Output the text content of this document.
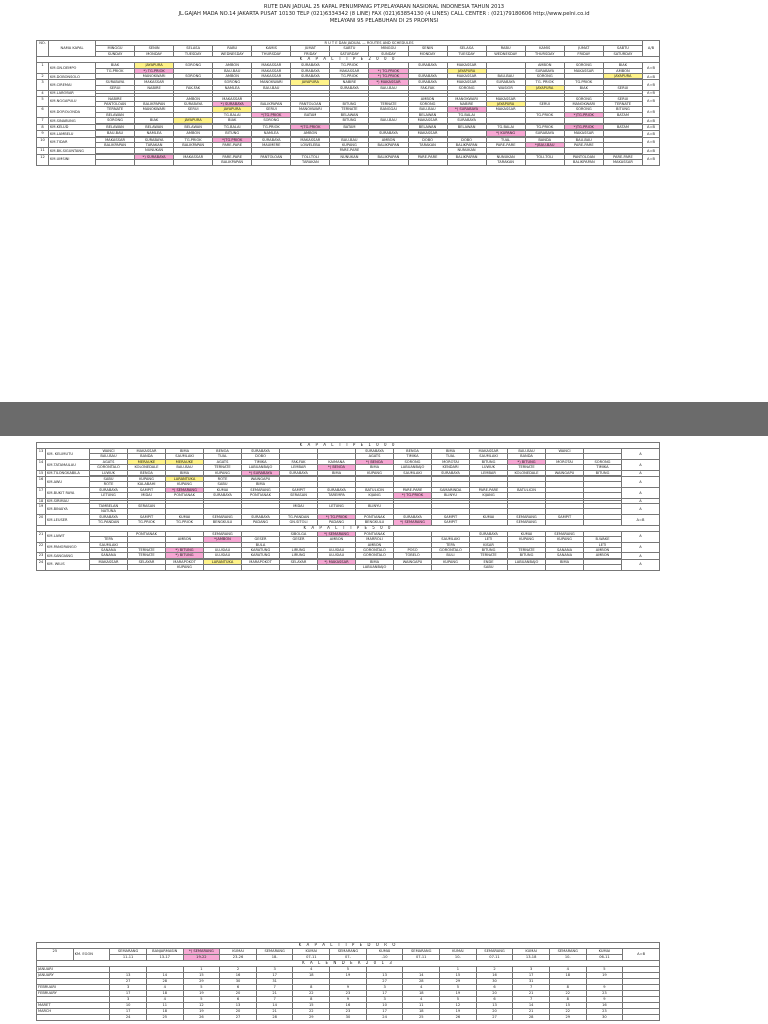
RUTE DAN JADUAL 25 KAPAL PENUMPANG PT.PELAYARAN NASIONAL INDONESIA TAHUN 2013
JL.GAJAH MADA NO.14 JAKARTA PUSAT 10130 TELP (021)6334342 (8 LINE) FAX (021)63854130 (4 LINES) CALL CENTER : (021)79180606 http://www.pelni.co.id
MELAYANI 95 PELABUHAN DI 25 PROPINSI
NO.	NAMA KAPAL	R U T E DAN JADUAL — ROUTES AND SCHEDULES														A/B
		MINGGU	SENIN	SELASA	RABU	KAMIS	JUMAT	SABTU	MINGGU	SENIN	SELASA	RABU	KAMIS	JUMAT	SABTU	
		SUNDAY	MONDAY	TUESDAY	WEDNESDAY	THURSDAY	FRIDAY	SATURDAY	SUNDAY	MONDAY	TUESDAY	WEDNESDAY	THURSDAY	FRIDAY	SATURDAY	
K A P A L T I P E 2 0 0 0																
1	KM.GN.DEMPO	BIAK	JAYAPURA	SORONG	AMBON	MAKASSAR	SURABAYA	TG.PRIOK		SURABAYA	MAKASSAR		AMBON	SORONG	BIAK	A=B
		TG.PRIOK	*) TG.PRIOK		BAU-BAU	MAKASSAR	SURABAYA	MAKASSAR	*) TG.PRIOK		JAYAPURA		SURABAYA	MAKASSAR	AMBON	
2	KM.DOBONSOLO		MANOKWARI	SORONG	AMBON	MAKASSAR	SURABAYA	TG.PRIOK	*) TG.PRIOK	SURABAYA	MAKASSAR	BAU-BAU	SORONG		JAYAPURA	A=B

3	KM.CIREMAI	SURABAYA	MAKASSAR		SORONG	MANOKWARI	JAYAPURA	NABIRE	*) MAKASSAR	SURABAYA	MAKASSAR	SURABAYA	TG. PRIOK	TG.PRIOK		A=B
		SERUI	NABIRE	FAK-FAK	NAMLEA	BAU-BAU		SURABAYA	BAU-BAU	FAK-FAK	SORONG	WASIOR	JAYAPURA	BIAK	SERUI	
4	KM.LABOBAR															A=B

5	KM.NGGAPULU	NABIRE		AMBON	MAKASSAR					AMBON	MANOKWARI	MAKASSAR		SORONG	SERUI	A=B
		PANTOLOAN	BALIKPAPAN	SURABAYA	*) SURABAYA	BALIKPAPAN	PANTOLOAN	BITUNG	TERNATE	SORONG	NABIRE	JAYAPURA	SERUI	MANOKWARI	TERNATE	
6	KM.DOROLONDA	TERNATE	MANOKWARI	SERUI	JAYAPURA	SERUI	MANOKWARI	TERNATE	BANGGAI	BAU-BAU	*) SURABAYA	MAKASSAR		SORONG	BITUNG	A=B
		BELAWAN			TG.BALAI	*)TG.PRIOK	BATAM	BELAWAN		BELAWAN	TG.BALAI		TG.PRIOK	*)TG.PRIOK	BATAM	
7	KM.SINABUNG	SORONG	BIAK	JAYAPURA	BIAK	SORONG		BITUNG	BAU-BAU	MAKASSAR	SURABAYA					A=B

8	KM.KELUD	BELAWAN	BELAWAN	BELAWAN	TG.BALAI	TG.PRIOK	*)TG.PRIOK	BATAM		BELAWAN	BELAWAN	TG.BALAI	TG.PRIOK	*)TG.PRIOK	BATAM	A=B

9	KM.LAMBELU	BAU-BAU	NAMLEA	AMBON	BITUNG	NAMLEA	AMBON		SURABAYA	MAKASSAR		*) KUPANG	SURABAYA	MAKASSAR		A=B

10	KM.TIDAR	MAKASSAR	SURABAYA	TG.PRIOK	*)TG.PRIOK	SURABAYA	MAKASSAR	BAU-BAU	AMBON	DOBO	DOBO	TUAL	BANDA	BAU-BAU		A=B
		BALIKPAPAN	TARAKAN	BALIKPAPAN	PARE-PARE	MAUMERE	LOWELEBA	KUPANG	BALIKPAPAN	TARAKAN	BALIKPAPAN	PARE-PARE	*)BAU-BAU	PARE-PARE		
11	KM.BK.SIGUNTANG		NUNUKAN					PARE-PARE			NUNUKAN					A=B

12	KM.UMSINI		*) SURABAYA	MAKASSAR	PARE-PARE	PANTOLOAN	TOLI-TOLI	NUNUKAN	BALIKPAPAN	PARE-PARE	BALIKPAPAN	NUNUKAN	TOLI-TOLI	PANTOLOAN	PARE-PARE	A=B
					BALIKPAPAN		TARAKAN					TARAKAN		BALIKPAPAN	MAKASSAR	
K A P A L T I P E 1 0 0 0																
13	KM. KELIMUTU	WANCI	MAKASSAR	BIMA	BENOA	SURABAYA			SURABAYA	BENOA	BIMA	MAKASSAR	BAU-BAU	WANCI		A
		BAU-BAU	BANDA	SAUMLAKI	TUAL	DOBO			AGATS	TIMIKA	TUAL	SAUMLAKI	BANDA			
14	KM.TATAMAILAU	AGATS	MERAUKE	MERAUKE	AGATS	TIMIKA	FAK-FAK	KAIMANA	*) BENOA	SORONG	MOROTAI	BITUNG	*) BITUNG	MOROTAI	SORONG	A
		GORONTALO	KOLONEDALE	BAU-BAU	TERNATE	LABUANBAJO	LEMBAR	*) BENOA	BIMA	LABUANBAJO	KENDARI	LUWUK	TERNATE		TIMIKA	
15	KM.TILONGKABILA	LUWUK	BENOA	BIMA	KUPANG	*) SURABAYA	SURABAYA	BIMA	KUPANG	SAUMLAKI	SURABAYA	LEMBAR	KOLONEDALE	WAINGAPU	BITUNG	A

16	KM.AWU	SABU	KUPANG	LARANTUKA	ROTE	WAINGAPU										A
		ROTE	KALABAHI	KUPANG	SABU	BIMA										
17	KM.BUKIT RAYA	SURABAYA	SAMPIT	*) SEMARANG	KUMAI	SEMARANG	SAMPIT	SURABAYA	BATULICIN	PARE-PARE	SAMARINDA	PARE-PARE	BATULICIN			A
		LETUNG	MIDAI	PONTIANAK	SURABAYA	PONTIANAK	SERASAN	TAREMPA	KIJANG	*) TG.PRIOK	BLINYU	KIJANG				
18	KM.SIRIMAU															A

19	KM.BINAIYA	TAMBELAN	SERASAN				MIDAI	LETUNG	BLINYU							A
		NATUNA														
20	KM.LEUSER	SURABAYA	SAMPIT	KUMAI	SEMARANG	SURABAYA	TG.PANDAN	*) TG.PRIOK	PONTIANAK	SURABAYA	SAMPIT	KUMAI	SEMARANG	SAMPIT		A=B
		TG.PANDAN	TG.PRIOK	TG.PRIOK	BENGKULU	PADANG	GN.SITOLI	PADANG	BENGKULU	*) SEMARANG	SAMPIT		SEMARANG			
K A P A L T I P E 5 0 0																
21	KM.LAWIT		PONTIANAK		SEMARANG		SIBOLGA	*) SEMARANG	PONTIANAK			SURABAYA	KUMAI	SEMARANG		A
		TEPA		AMBON	*)AMBON	GESER	GESER	AMBON	MARROLI		SAUMLAKI	LETI	KUPANG	KUPANG	B.WAKE	
22	KM.PANGRANGO	SAUMLAKI				BULA			AMBON		TEPA	KISAR			LETI	A
		SANANA	TERNATE	*) BITUNG	ULUSIAU	KARATUNG	LIRUNG	ULUSIAU	GORONTALO	POSO	GORONTALO	BITUNG	TERNATE	SANANA	AMBON	
23	KM.SANGIANG	SANANA	TERNATE	*) BITUNG	ULUSIAU	KARATUNG	LIRUNG	ULUSIAU	GORONTALO	TOBELO	BULI	TERNATE	BITUNG	SANANA	AMBON	A

24	KM. WILIS	MAKASSAR	SELAYAR	MARAPOKOT	LARANTUKA	MARAPOKOT	SELAYAR	*) MAKASSAR	BIMA	WAINGAPU	KUPANG	ENDE	LABUANBAJO	BIMA		A
				KUPANG					LABUANBAJO			SABU				
K A P A L T I P E D O R O																
25	KM. EGON	SEMARANG	BANJARMASIN	*) SEMARANG	KUMAI	SEMARANG	KUMAI	SEMARANG	KUMAI	SEMARANG	KUMAI	SEMARANG	KUMAI	SEMARANG	KUMAI	A=B
		11-11	13-17	19-22	23-26	18-	07-11	07-	-10	07-11	10-	07-11	13-18	10-	06-11	
K A L E N D E R 2 0 1 3																
JANUARI				1	2	3	4	5			1	2	3	4	5	
JANUARY		13	14	15	16	17	18	19	13	14	15	16	17	18	19	
		27	28	29	30	31			27	28	29	30	31			
FEBRUARI		3	4	5	6	7	8	9	3	4	5	6	7	8	9	
FEBRUARY		17	18	19	20	21	22	23	17	18	19	20	21	22	23	
		3	4	5	6	7	8	9	3	4	5	6	7	8	9	
MARET		10	11	12	13	14	15	16	10	11	12	13	14	15	16	
MARCH		17	18	19	20	21	22	23	17	18	19	20	21	22	23	
		24	25	26	27	28	29	30	24	25	26	27	28	29	30	
